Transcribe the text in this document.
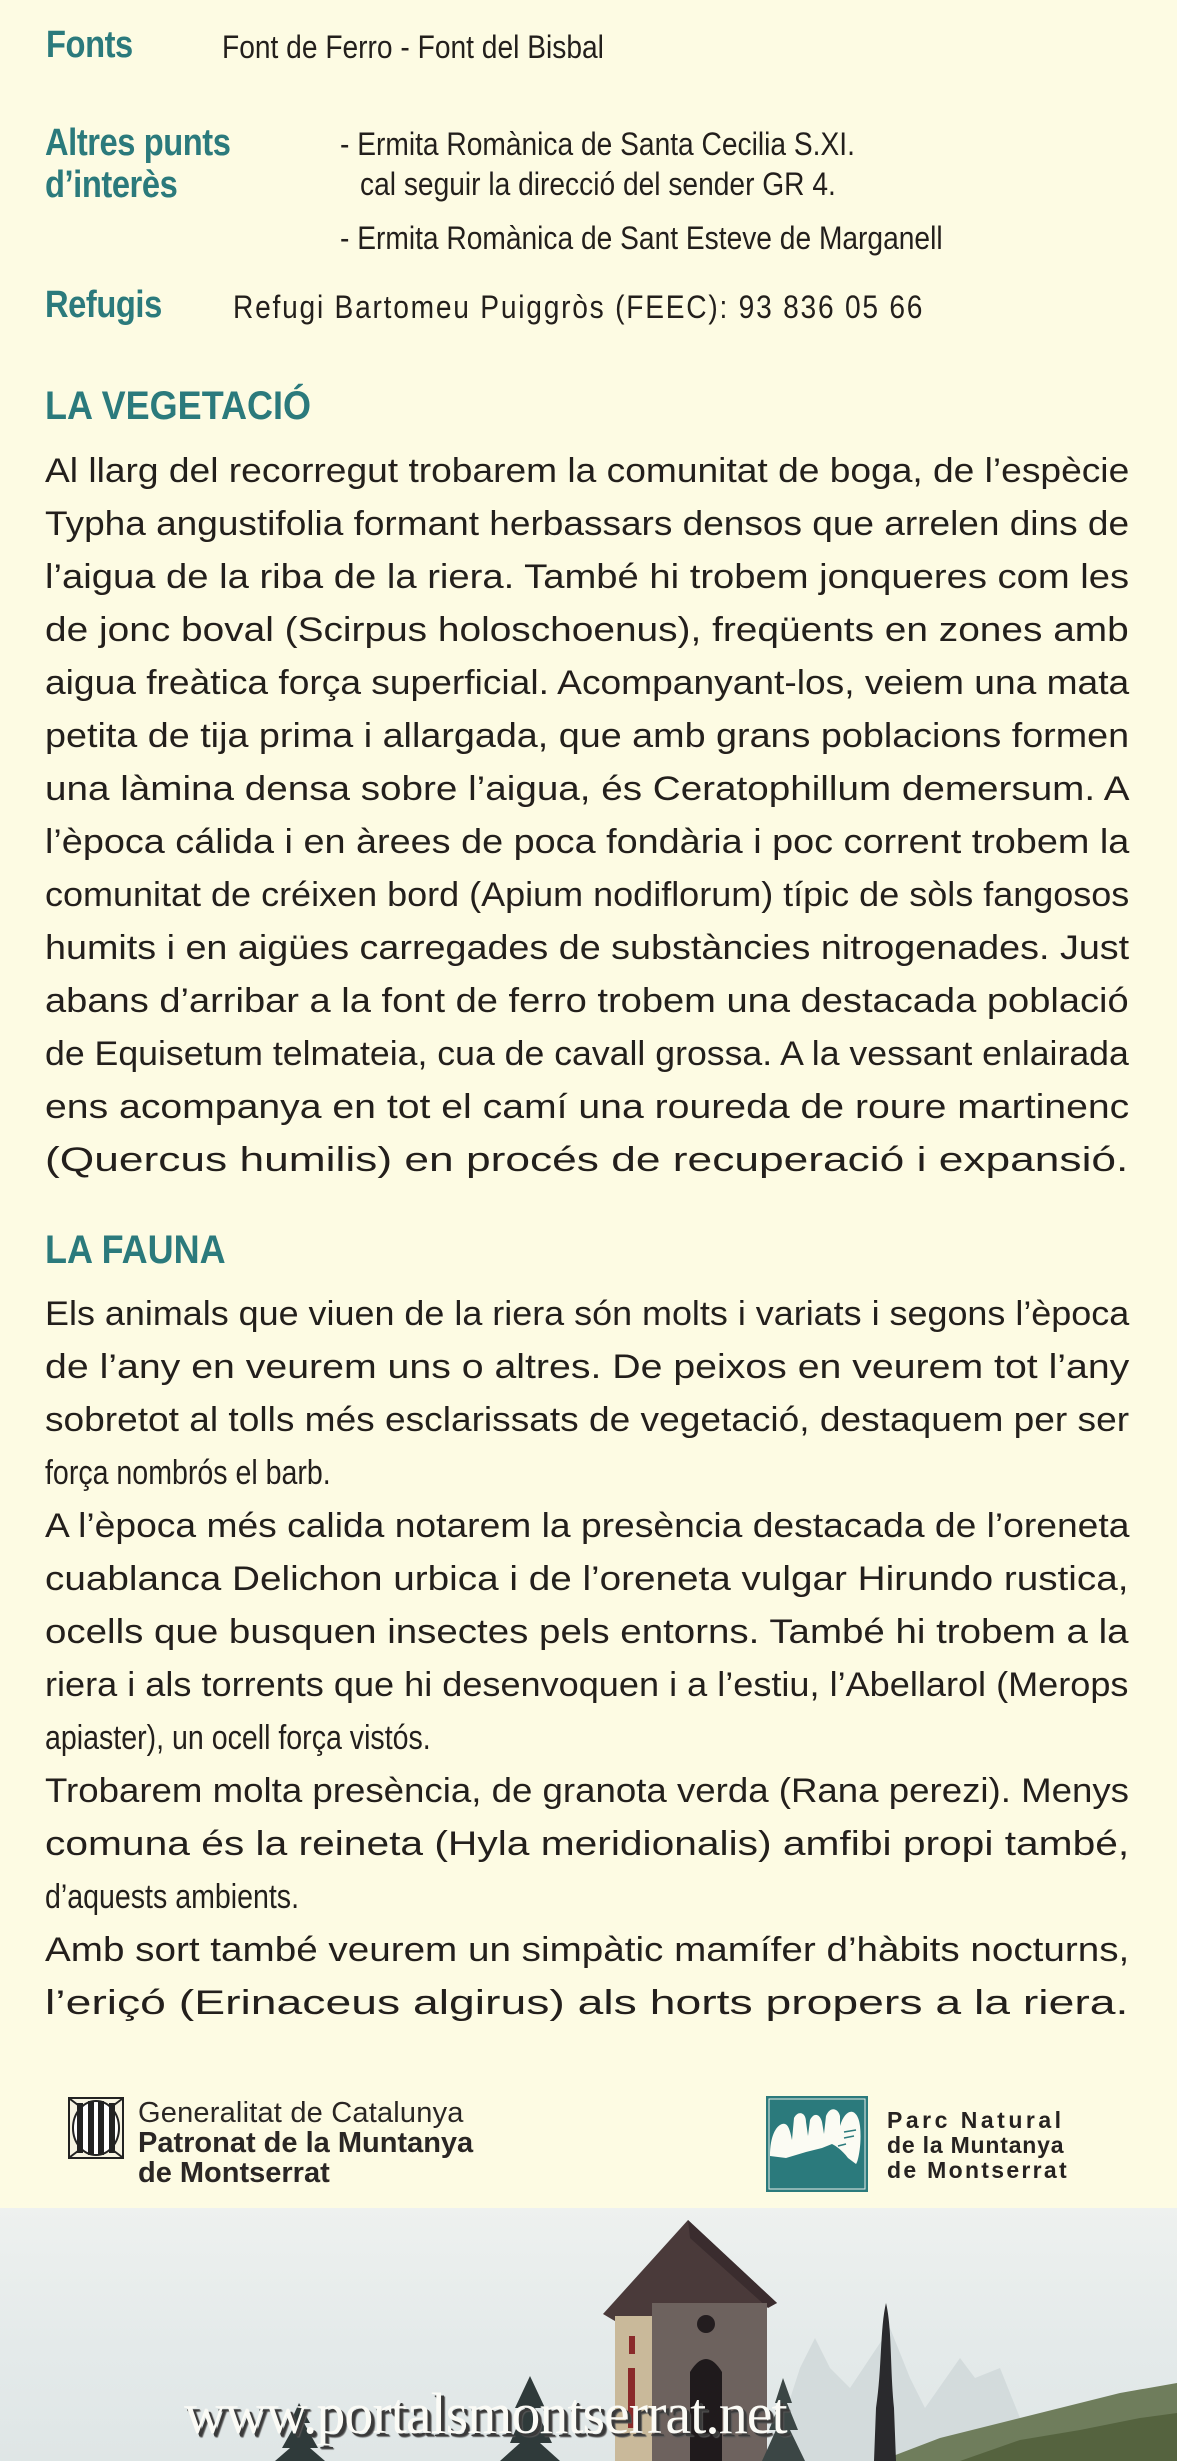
Fonts	Font de Ferro - Font del Bisbal
Altres punts
d’interès
- Ermita Romànica de Santa Cecilia S.XI.
cal seguir la direcció del sender GR 4.
- Ermita Romànica de Sant Esteve de Marganell
Refugis	Refugi Bartomeu Puiggròs (FEEC): 93 836 05 66
LA VEGETACIÓ
Al llarg del recorregut trobarem la comunitat de boga, de l’espècie
Typha angustifolia formant herbassars densos que arrelen dins de
l’aigua de la riba de la riera. També hi trobem jonqueres com les
de jonc boval (Scirpus holoschoenus), freqüents en zones amb
aigua freàtica força superficial. Acompanyant-los, veiem una mata
petita de tija prima i allargada, que amb grans poblacions formen
una làmina densa sobre l’aigua, és Ceratophillum demersum. A
l’època cálida i en àrees de poca fondària i poc corrent trobem la
comunitat de créixen bord (Apium nodiflorum) típic de sòls fangosos
humits i en aigües carregades de substàncies nitrogenades. Just
abans d’arribar a la font de ferro trobem una destacada població
de Equisetum telmateia, cua de cavall grossa. A la vessant enlairada
ens acompanya en tot el camí una roureda de roure martinenc
(Quercus humilis) en procés de recuperació i expansió.
LA FAUNA
Els animals que viuen de la riera són molts i variats i segons l’època
de l’any en veurem uns o altres. De peixos en veurem tot l’any
sobretot al tolls més esclarissats de vegetació, destaquem per ser
força nombrós el barb.
A l’època més calida notarem la presència destacada de l’oreneta
cuablanca Delichon urbica i de l’oreneta vulgar Hirundo rustica,
ocells que busquen insectes pels entorns. També hi trobem a la
riera i als torrents que hi desenvoquen i a l’estiu, l’Abellarol (Merops
apiaster), un ocell força vistós.
Trobarem molta presència, de granota verda (Rana perezi). Menys
comuna és la reineta (Hyla meridionalis) amfibi propi també,
d’aquests ambients.
Amb sort també veurem un simpàtic mamífer d’hàbits nocturns,
l’eriçó (Erinaceus algirus) als horts propers a la riera.
Generalitat de Catalunya
Patronat de la Muntanya
de Montserrat
Parc Natural
de la Muntanya
de Montserrat
www.portalsmontserrat.net
